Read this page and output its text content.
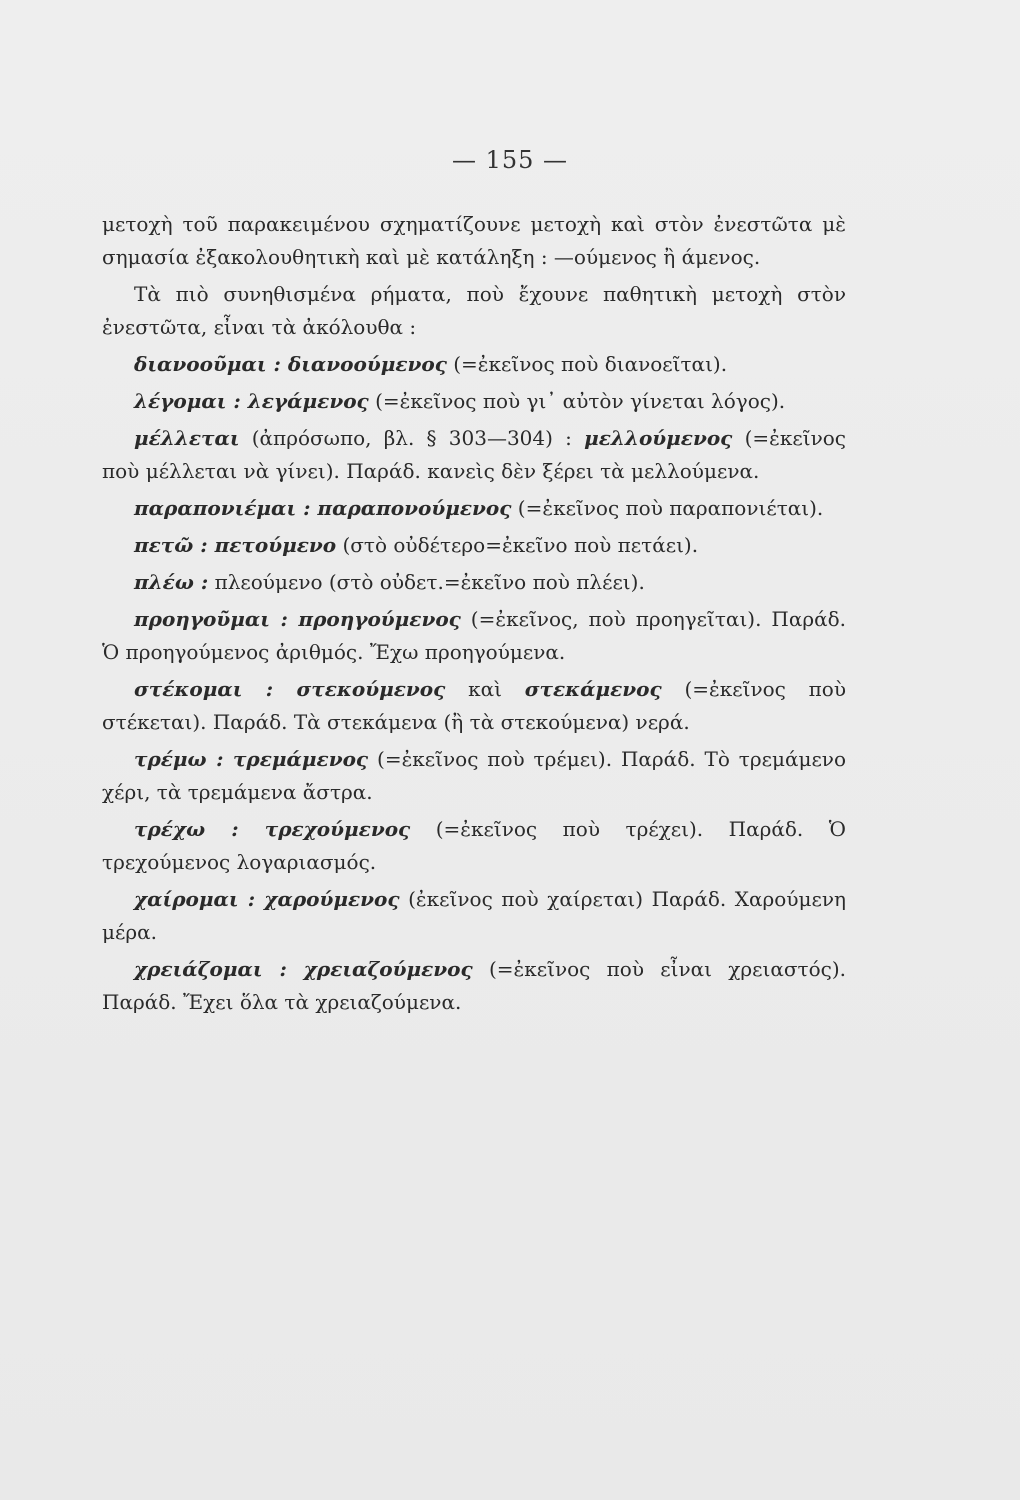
— 155 —

μετοχὴ τοῦ παρακειμένου σχηματίζουνε μετοχὴ καὶ στὸν ἐνεστῶτα μὲ σημασία ἐξακολουθητικὴ καὶ μὲ κατάληξη : —ούμενος ἢ άμενος.

Τὰ πιὸ συνηθισμένα ρήματα, ποὺ ἔχουνε παθητικὴ μετοχὴ στὸν ἐνεστῶτα, εἶναι τὰ ἀκόλουθα :

διανοοῦμαι : διανοούμενος (=ἐκεῖνος ποὺ διανοεῖται).

λέγομαι : λεγάμενος (=ἐκεῖνος ποὺ γι᾽ αὐτὸν γίνεται λόγος).

μέλλεται (ἀπρόσωπο, βλ. § 303—304) : μελλούμενος (=ἐκεῖνος ποὺ μέλλεται νὰ γίνει). Παράδ. κανεὶς δὲν ξέρει τὰ μελλούμενα.

παραπονιέμαι : παραπονούμενος (=ἐκεῖνος ποὺ παραπονιέται).

πετῶ : πετούμενο (στὸ οὐδέτερο=ἐκεῖνο ποὺ πετάει).

πλέω : πλεούμενο (στὸ οὐδετ.=ἐκεῖνο ποὺ πλέει).

προηγοῦμαι : προηγούμενος (=ἐκεῖνος, ποὺ προηγεῖται). Παράδ. Ὁ προηγούμενος ἀριθμός. Ἔχω προηγούμενα.

στέκομαι : στεκούμενος καὶ στεκάμενος (=ἐκεῖνος ποὺ στέκεται). Παράδ. Τὰ στεκάμενα (ἢ τὰ στεκούμενα) νερά.

τρέμω : τρεμάμενος (=ἐκεῖνος ποὺ τρέμει). Παράδ. Τὸ τρεμάμενο χέρι, τὰ τρεμάμενα ἄστρα.

τρέχω : τρεχούμενος (=ἐκεῖνος ποὺ τρέχει). Παράδ. Ὁ τρεχούμενος λογαριασμός.

χαίρομαι : χαρούμενος (ἐκεῖνος ποὺ χαίρεται) Παράδ. Χαρούμενη μέρα.

χρειάζομαι : χρειαζούμενος (=ἐκεῖνος ποὺ εἶναι χρειαστός). Παράδ. Ἔχει ὅλα τὰ χρειαζούμενα.
